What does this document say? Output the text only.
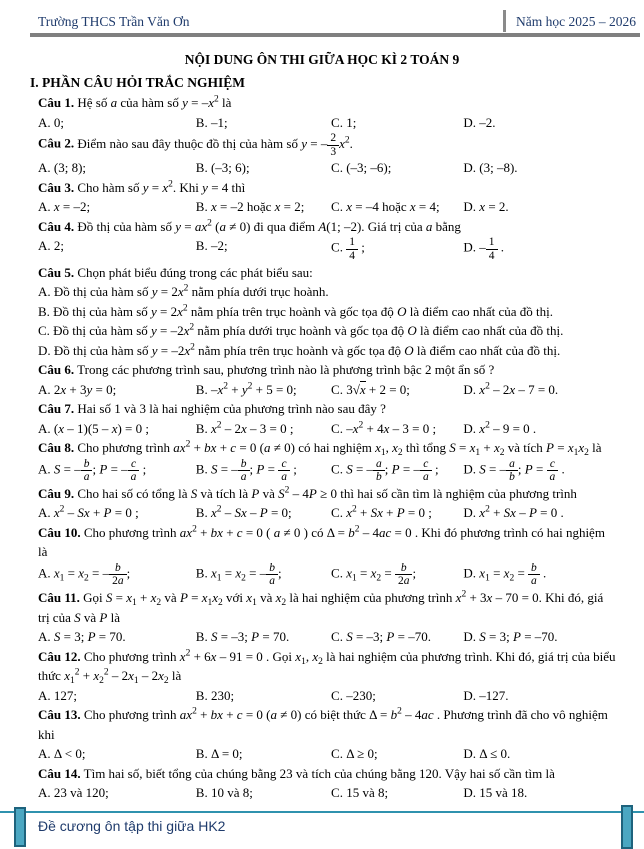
Trường THCS Trần Văn Ơn	Năm học 2025 – 2026
NỘI DUNG ÔN THI GIỮA HỌC KÌ 2 TOÁN 9
I. PHẦN CÂU HỎI TRẮC NGHIỆM

Câu 1. Hệ số a của hàm số $y = -x^2$ là

A. 0;	B. –1;	C. 1;	D. –2.

Câu 2. Điểm nào sau đây thuộc đồ thị của hàm số y = – $\frac{2}{3} x^2$.

A. (3; 8);	B. (–3; 6);	C. (–3; –6);	D. (3; –8).

Câu 3. Cho hàm số $y = x^2$. Khi y = 4 thì

A. x = –2;	B. x = –2 hoặc x = 2;	C. x = –4 hoặc x = 4;	D. x = 2.

Câu 4. Đồ thị của hàm số $y = ax^2$ (a ≠ 0) đi qua điểm A(1; –2). Giá trị của a bằng

A. 2;	B. –2;	C. $\frac{1}{4}$ ;	D. – $\frac{1}{4}$ .

Câu 5. Chọn phát biểu đúng trong các phát biểu sau:

A. Đồ thị của hàm số $y = 2x^2$ nằm phía dưới trục hoành.
B. Đồ thị của hàm số $y = 2x^2$ nằm phía trên trục hoành và gốc tọa độ O là điểm cao nhất của đồ thị.
C. Đồ thị của hàm số $y = -2x^2$ nằm phía dưới trục hoành và gốc tọa độ O là điểm cao nhất của đồ thị.
D. Đồ thị của hàm số $y = -2x^2$ nằm phía trên trục hoành và gốc tọa độ O là điểm cao nhất của đồ thị.

Câu 6. Trong các phương trình sau, phương trình nào là phương trình bậc 2 một ẩn số ?

A. 2x + 3y = 0;	B. $-x^2 + y^2 + 5 = 0$;	C. 3√x + 2 = 0;	D. $x^2 - 2x - 7 = 0$.

Câu 7. Hai số 1 và 3 là hai nghiệm của phương trình nào sau đây ?

A. (x – 1)(5 – x) = 0 ;	B. $x^2 - 2x - 3 = 0$ ;	C. $-x^2 + 4x - 3 = 0$ ;	D. $x^2 - 9 = 0$ .

Câu 8. Cho phương trình $ax^2$ + bx + c = 0 (a ≠ 0) có hai nghiệm $x_1$, $x_2$ thì tổng $S = x_1 + x_2$ và tích $P = x_1x_2$ là

A. S = – $\frac{b}{a}$ ; P = – $\frac{c}{a}$ ;	B. S = – $\frac{b}{a}$ ; $P = \frac{c}{a}$ ;	C. S = – $\frac{a}{b}$ ; P = – $\frac{c}{a}$ ;	D. S = – $\frac{a}{b}$ ; $P = \frac{c}{a}$ .

Câu 9. Cho hai số có tổng là S và tích là P và $S^2 - 4P \ge 0$ thì hai số cần tìm là nghiệm của phương trình

A. $x^2 - Sx + P = 0$ ;	B. $x^2 - Sx - P = 0$;	C. $x^2 + Sx + P = 0$ ;	D. $x^2 + Sx - P = 0$ .

Câu 10. Cho phương trình $ax^2$ + bx + c = 0 ( a ≠ 0 ) có $\Delta = b^2 - 4ac = 0$ . Khi đó phương trình có hai nghiệm là

A. $x_1 = x_2$ = – $\frac{b}{2a}$ ;	B. $x_1 = x_2$ = – $\frac{b}{a}$ ;	C. $x_1 = x_2 = \frac{b}{2a}$ ;	D. $x_1 = x_2 = \frac{b}{a}$ .

Câu 11. Gọi $S = x_1 + x_2$ và $P = x_1x_2$ với $x_1$ và $x_2$ là hai nghiệm của phương trình $x^2 + 3x - 70 = 0$. Khi đó, giá trị của S và P là

A. S = 3; P = 70.	B. S = –3; P = 70.	C. S = –3; P = –70.	D. S = 3; P = –70.

Câu 12. Cho phương trình $x^2 + 6x - 91 = 0$ . Gọi $x_1$, $x_2$ là hai nghiệm của phương trình. Khi đó, giá trị của biểu thức $x_1^2 + x_2^2 - 2x_1 - 2x_2$ là

A. 127;	B. 230;	C. –230;	D. –127.

Câu 13. Cho phương trình $ax^2$ + bx + c = 0 (a ≠ 0) có biệt thức $\Delta = b^2 - 4ac$ . Phương trình đã cho vô nghiệm khi

A. Δ < 0;	B. Δ = 0;	C. Δ ≥ 0;	D. Δ ≤ 0.

Câu 14. Tìm hai số, biết tổng của chúng bằng 23 và tích của chúng bằng 120. Vậy hai số cần tìm là

A. 23 và 120;	B. 10 và 8;	C. 15 và 8;	D. 15 và 18.
Đề cương ôn tập thi giữa HK2
